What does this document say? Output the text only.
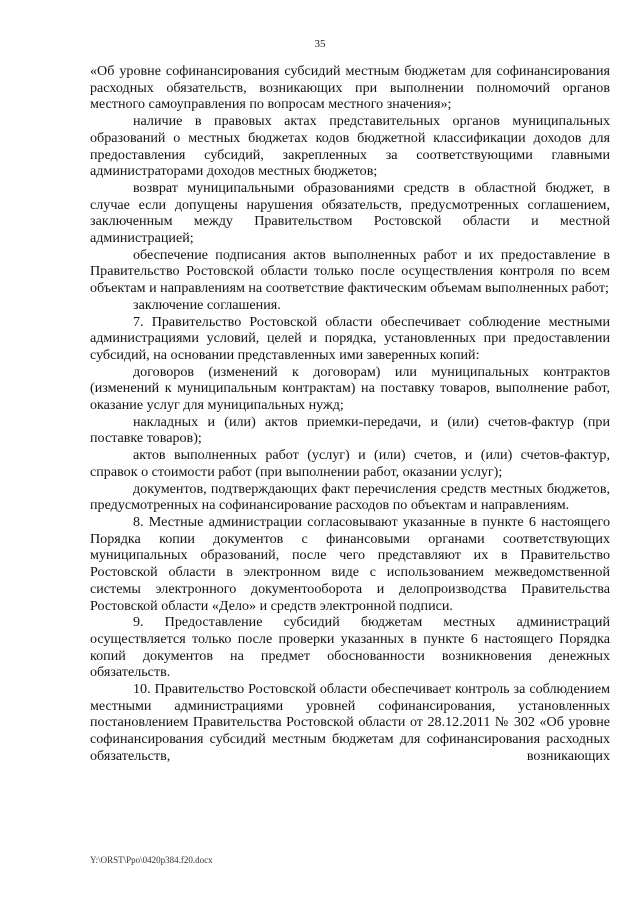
35

«Об уровне софинансирования субсидий местным бюджетам для софинансирования расходных обязательств, возникающих при выполнении полномочий органов местного самоуправления по вопросам местного значения»;

наличие в правовых актах представительных органов муниципальных образований о местных бюджетах кодов бюджетной классификации доходов для предоставления субсидий, закрепленных за соответствующими главными администраторами доходов местных бюджетов;

возврат муниципальными образованиями средств в областной бюджет, в случае если допущены нарушения обязательств, предусмотренных соглашением, заключенным между Правительством Ростовской области и местной администрацией;

обеспечение подписания актов выполненных работ и их предоставление в Правительство Ростовской области только после осуществления контроля по всем объектам и направлениям на соответствие фактическим объемам выполненных работ;

заключение соглашения.

7. Правительство Ростовской области обеспечивает соблюдение местными администрациями условий, целей и порядка, установленных при предоставлении субсидий, на основании представленных ими заверенных копий:

договоров (изменений к договорам) или муниципальных контрактов (изменений к муниципальным контрактам) на поставку товаров, выполнение работ, оказание услуг для муниципальных нужд;

накладных и (или) актов приемки-передачи, и (или) счетов-фактур (при поставке товаров);

актов выполненных работ (услуг) и (или) счетов, и (или) счетов-фактур, справок о стоимости работ (при выполнении работ, оказании услуг);

документов, подтверждающих факт перечисления средств местных бюджетов, предусмотренных на софинансирование расходов по объектам и направлениям.

8. Местные администрации согласовывают указанные в пункте 6 настоящего Порядка копии документов с финансовыми органами соответствующих муниципальных образований, после чего представляют их в Правительство Ростовской области в электронном виде с использованием межведомственной системы электронного документооборота и делопроизводства Правительства Ростовской области «Дело» и средств электронной подписи.

9. Предоставление субсидий бюджетам местных администраций осуществляется только после проверки указанных в пункте 6 настоящего Порядка копий документов на предмет обоснованности возникновения денежных обязательств.

10. Правительство Ростовской области обеспечивает контроль за соблюдением местными администрациями уровней софинансирования, установленных постановлением Правительства Ростовской области от 28.12.2011 № 302 «Об уровне софинансирования субсидий местным бюджетам для софинансирования расходных обязательств, возникающих

Y:\ORST\Ppo\0420p384.f20.docx
